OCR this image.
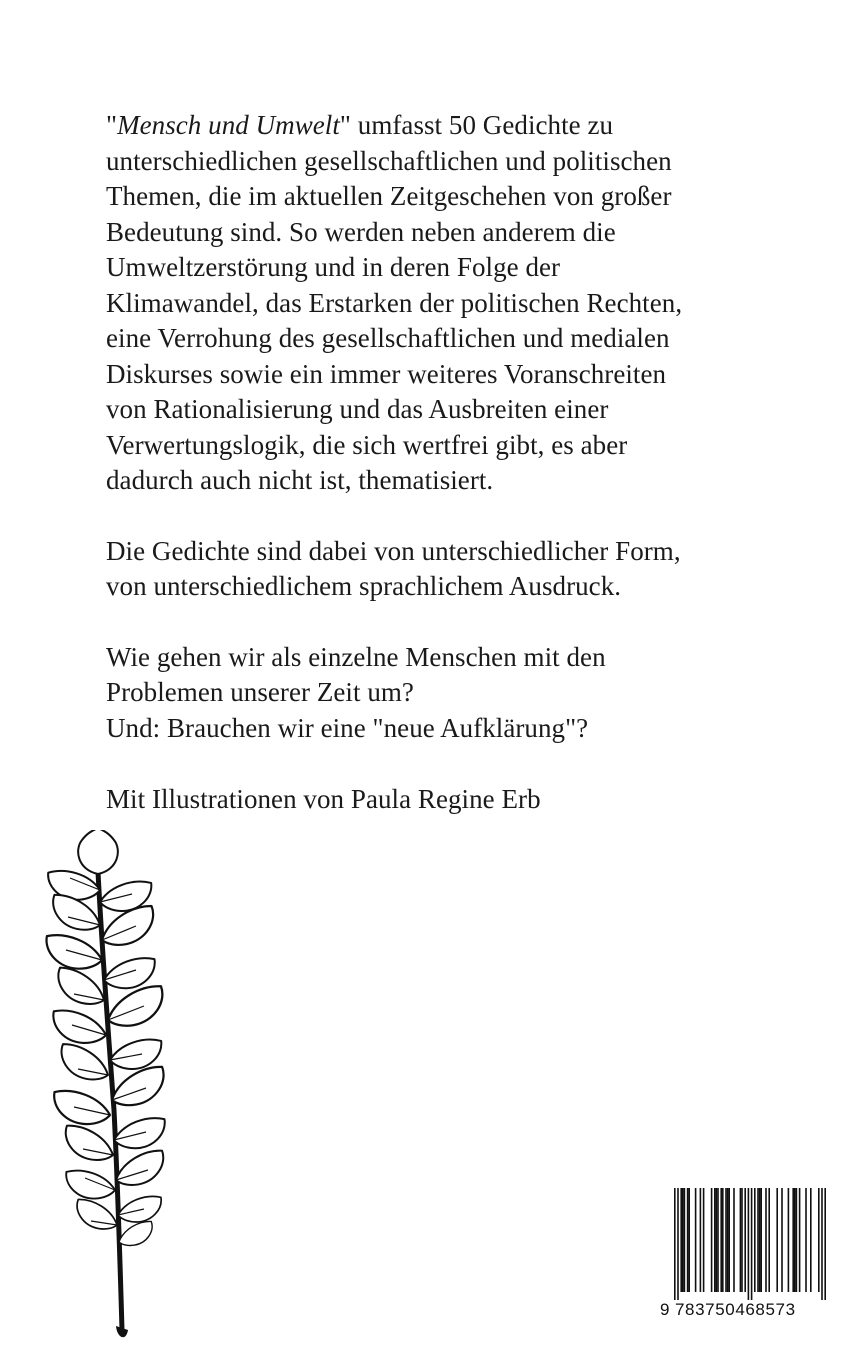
"Mensch und Umwelt" umfasst 50 Gedichte zu
unterschiedlichen gesellschaftlichen und politischen
Themen, die im aktuellen Zeitgeschehen von großer
Bedeutung sind. So werden neben anderem die
Umweltzerstörung und in deren Folge der
Klimawandel, das Erstarken der politischen Rechten,
eine Verrohung des gesellschaftlichen und medialen
Diskurses sowie ein immer weiteres Voranschreiten
von Rationalisierung und das Ausbreiten einer
Verwertungslogik, die sich wertfrei gibt, es aber
dadurch auch nicht ist, thematisiert.

Die Gedichte sind dabei von unterschiedlicher Form,
von unterschiedlichem sprachlichem Ausdruck.

Wie gehen wir als einzelne Menschen mit den
Problemen unserer Zeit um?
Und: Brauchen wir eine "neue Aufklärung"?

Mit Illustrationen von Paula Regine Erb

9 783750468573
